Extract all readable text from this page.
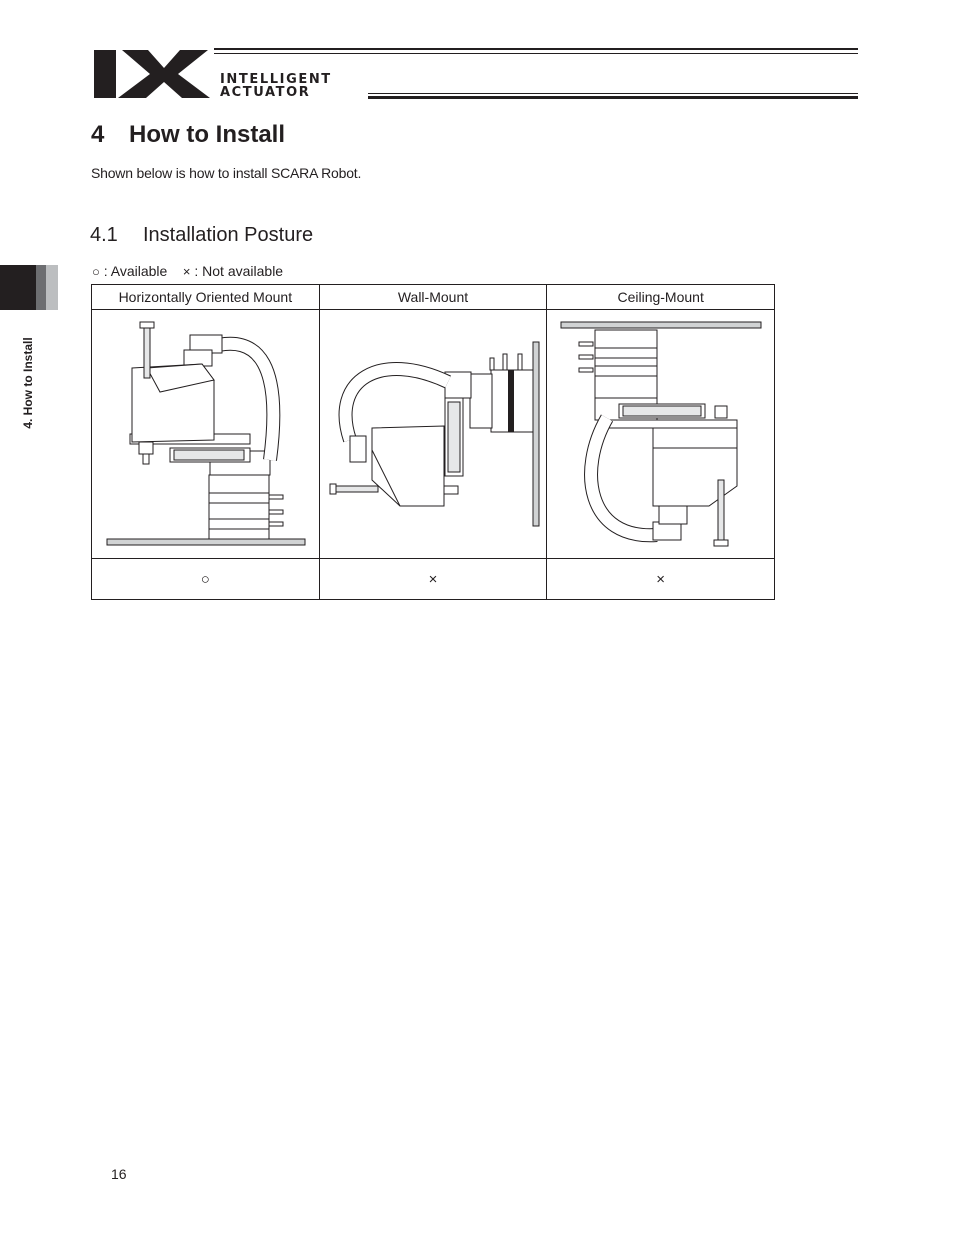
INTELLIGENT
ACTUATOR
4 How to Install
Shown below is how to install SCARA Robot.
4.1 Installation Posture
○ : Available × : Not available
4. How to Install
Horizontally Oriented Mount	Wall-Mount	Ceiling-Mount

○	×	×
16
